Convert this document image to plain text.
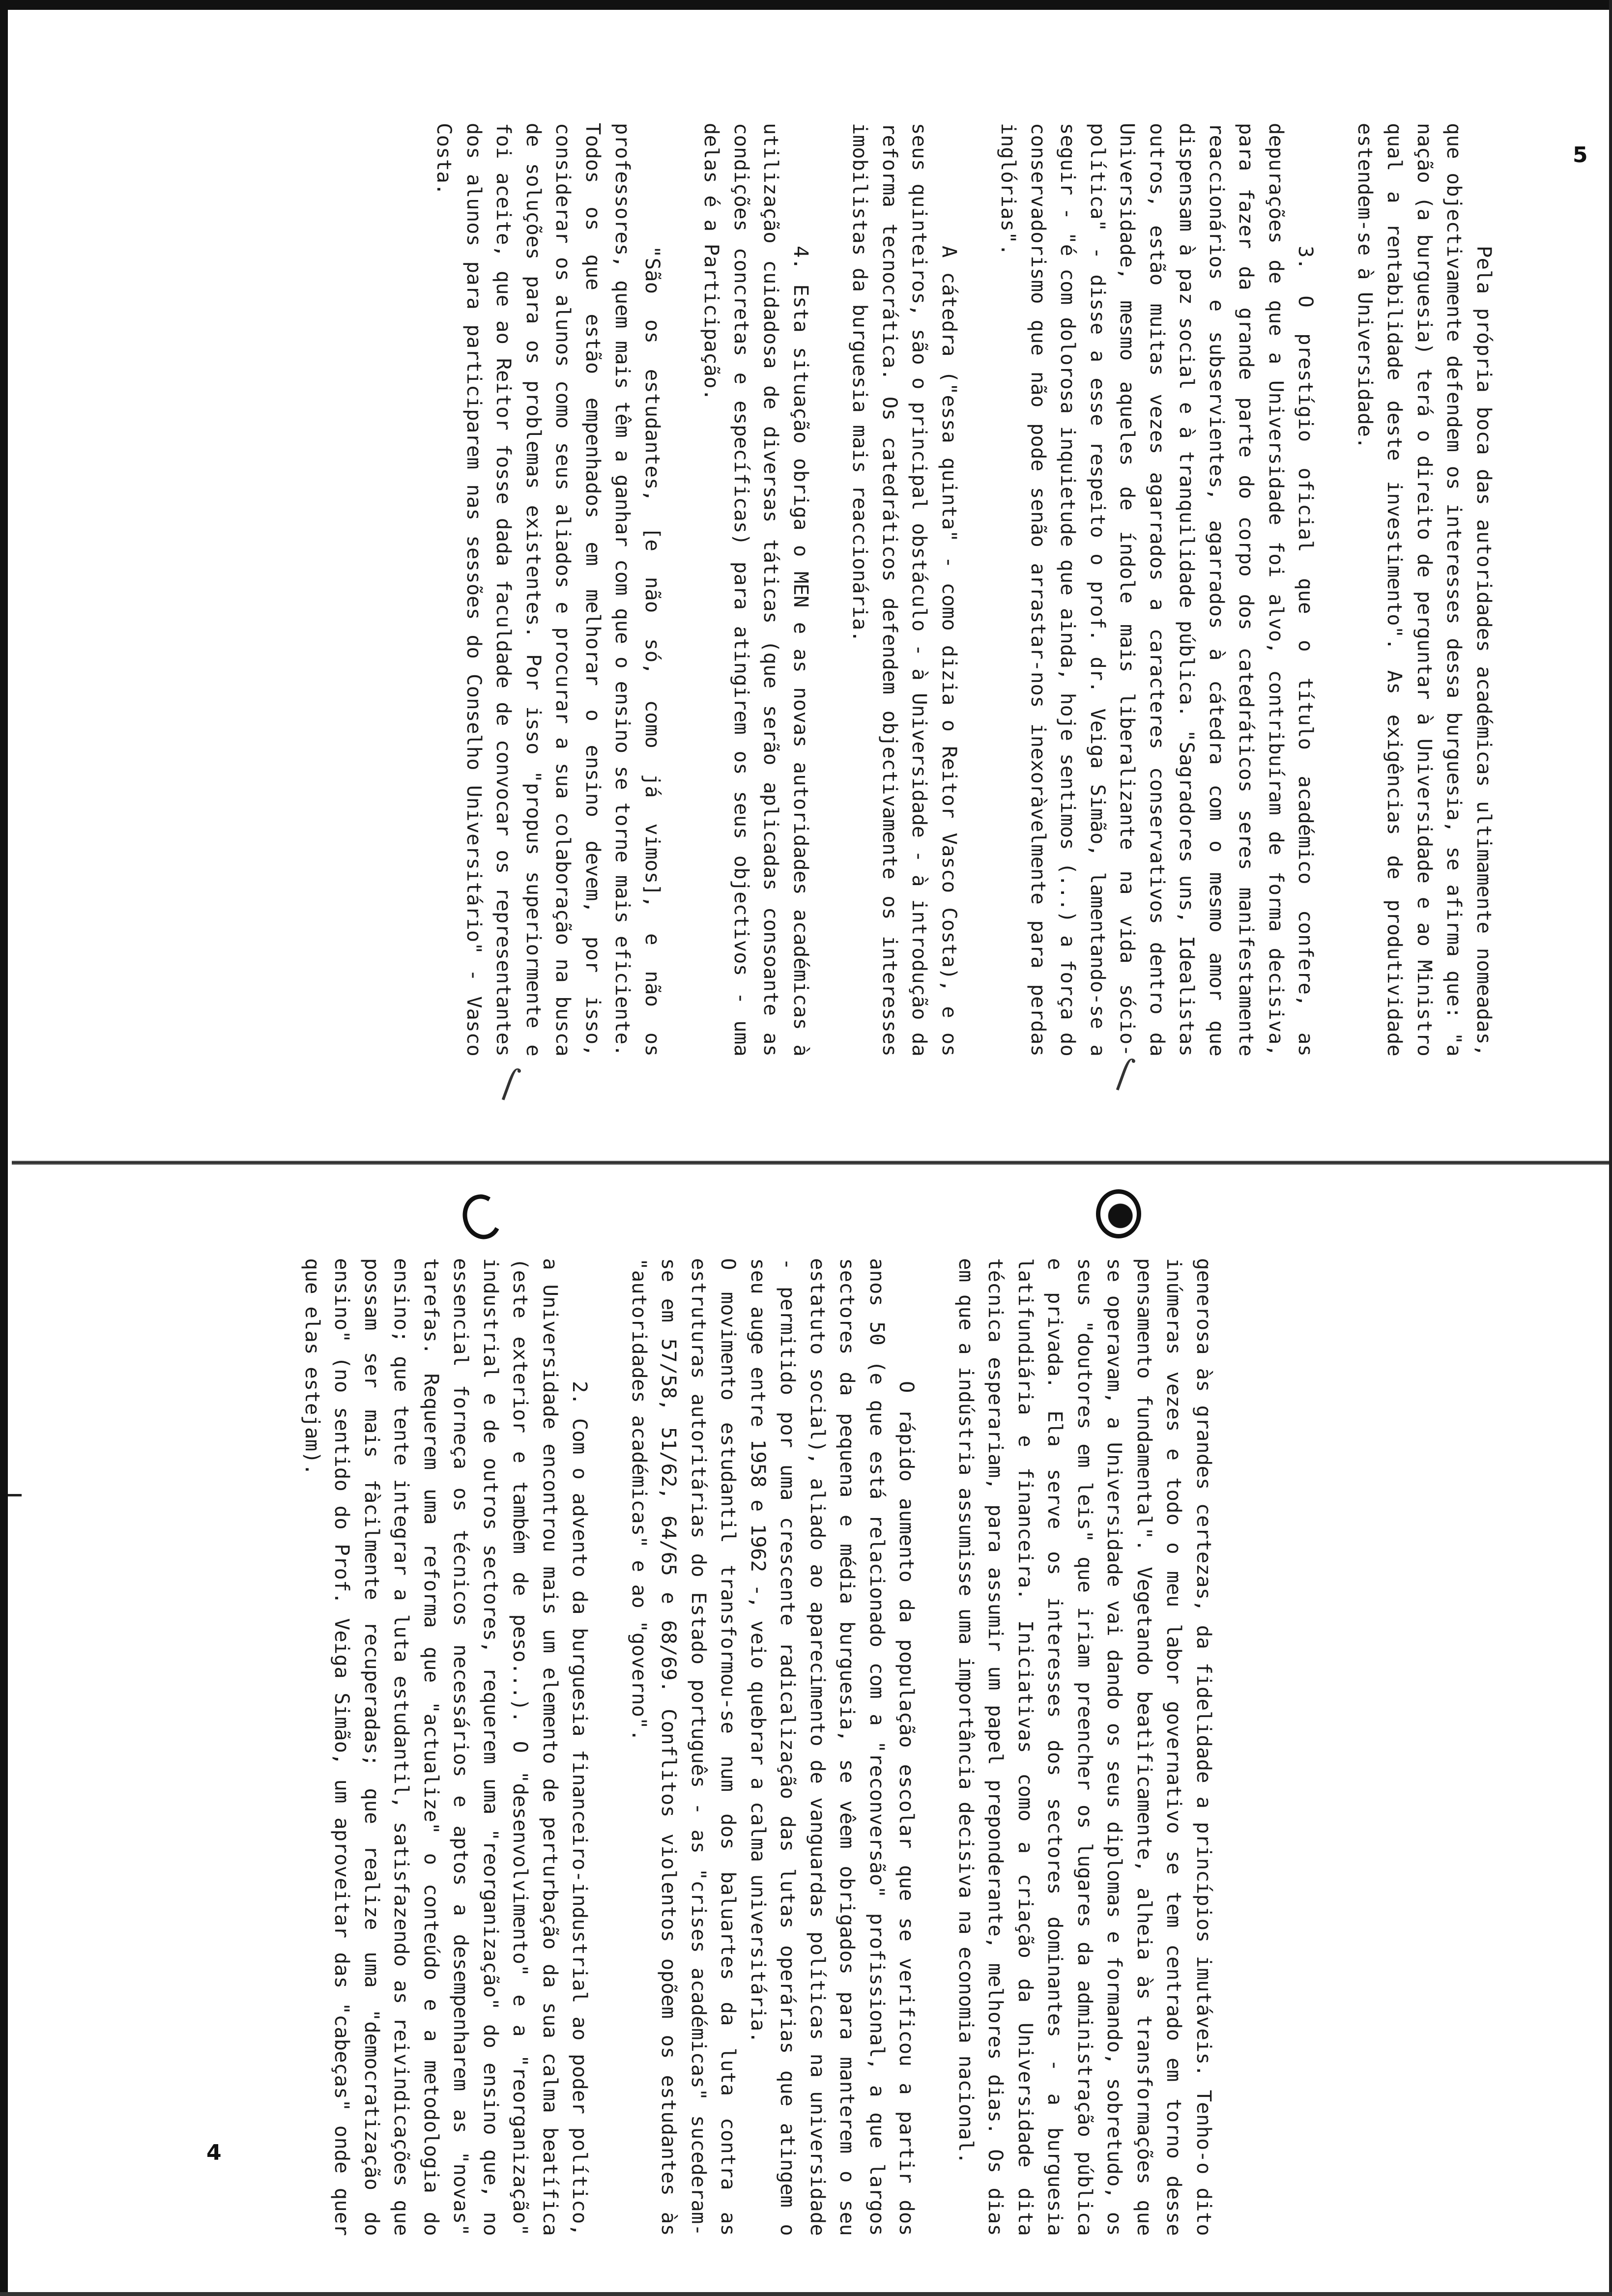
5
4

Pela própria boca das autoridades académicas ultimamente nomeadas, que objectivamente defendem os interesses dessa burguesia, se afirma que: "a nação (a burguesia) terá o direito de perguntar à Universidade e ao Ministro qual a rentabilidade deste investimento". As exigências de produtividade estendem-se à Universidade.

3. O prestígio oficial que o título académico confere, as depurações de que a Universidade foi alvo, contribuíram de forma decisiva, para fazer da grande parte do corpo dos catedráticos seres manifestamente reaccionários e subservientes, agarrados à cátedra com o mesmo amor que dispensam à paz social e à tranquilidade pública. "Sagradores uns, Idealistas outros, estão muitas vezes agarrados a caracteres conservativos dentro da Universidade, mesmo aqueles de índole mais liberalizante na vida sócio-política" - disse a esse respeito o prof. dr. Veiga Simão, lamentando-se a seguir - "é com dolorosa inquietude que ainda, hoje sentimos (...) a força do conservadorismo que não pode senão arrastar-nos inexoràvelmente para perdas inglórias".

A cátedra ("essa quinta" - como dizia o Reitor Vasco Costa), e os seus quinteiros, são o principal obstáculo - à Universidade - à introdução da reforma tecnocrática. Os catedráticos defendem objectivamente os interesses imobilistas da burguesia mais reaccionária.

4. Esta situação obriga o MEN e as novas autoridades académicas à utilização cuidadosa de diversas táticas (que serão aplicadas consoante as condições concretas e específicas) para atingirem os seus objectivos - uma delas é a Participação.

"São os estudantes, [e não só, como já vimos], e não os professores, quem mais têm a ganhar com que o ensino se torne mais eficiente. Todos os que estão empenhados em melhorar o ensino devem, por isso, considerar os alunos como seus aliados e procurar a sua colaboração na busca de soluções para os problemas existentes. Por isso "propus superiormente e foi aceite, que ao Reitor fosse dada faculdade de convocar os representantes dos alunos para participarem nas sessões do Conselho Universitário" - Vasco Costa.

generosa às grandes certezas, da fidelidade a princípios imutáveis. Tenho-o dito inúmeras vezes e todo o meu labor governativo se tem centrado em torno desse pensamento fundamental". Vegetando beatìficamente, alheia às transformações que se operavam, a Universidade vai dando os seus diplomas e formando, sobretudo, os seus "doutores em leis" que iriam preencher os lugares da administração pública e privada. Ela serve os interesses dos sectores dominantes - a burguesia latifundiária e financeira. Iniciativas como a criação da Universidade dita técnica esperariam, para assumir um papel preponderante, melhores dias. Os dias em que a indústria assumisse uma importância decisiva na economia nacional.

O rápido aumento da população escolar que se verificou a partir dos anos 50 (e que está relacionado com a "reconversão" profissional, a que largos sectores da pequena e média burguesia, se vêem obrigados para manterem o seu estatuto social), aliado ao aparecimento de vanguardas políticas na universidade - permitido por uma crescente radicalização das lutas operárias que atingem o seu auge entre 1958 e 1962 -, veio quebrar a calma universitária.

O movimento estudantil transformou-se num dos baluartes da luta contra as estruturas autoritárias do Estado português - as "crises académicas" sucederam-se em 57/58, 51/62, 64/65 e 68/69. Conflitos violentos opõem os estudantes às "autoridades académicas" e ao "governo".

2. Com o advento da burguesia financeiro-industrial ao poder político, a Universidade encontrou mais um elemento de perturbação da sua calma beatífica (este exterior e também de peso...). O "desenvolvimento" e a "reorganização" industrial e de outros sectores, requerem uma "reorganização" do ensino que, no essencial forneça os técnicos necessários e aptos a desempenharem as "novas" tarefas. Requerem uma reforma que "actualize" o conteúdo e a metodologia do ensino; que tente integrar a luta estudantil, satisfazendo as reivindicações que possam ser mais fàcilmente recuperadas; que realize uma "democratização do ensino" (no sentido do Prof. Veiga Simão, um aproveitar das "cabeças" onde quer que elas estejam).

⌠	⌠
